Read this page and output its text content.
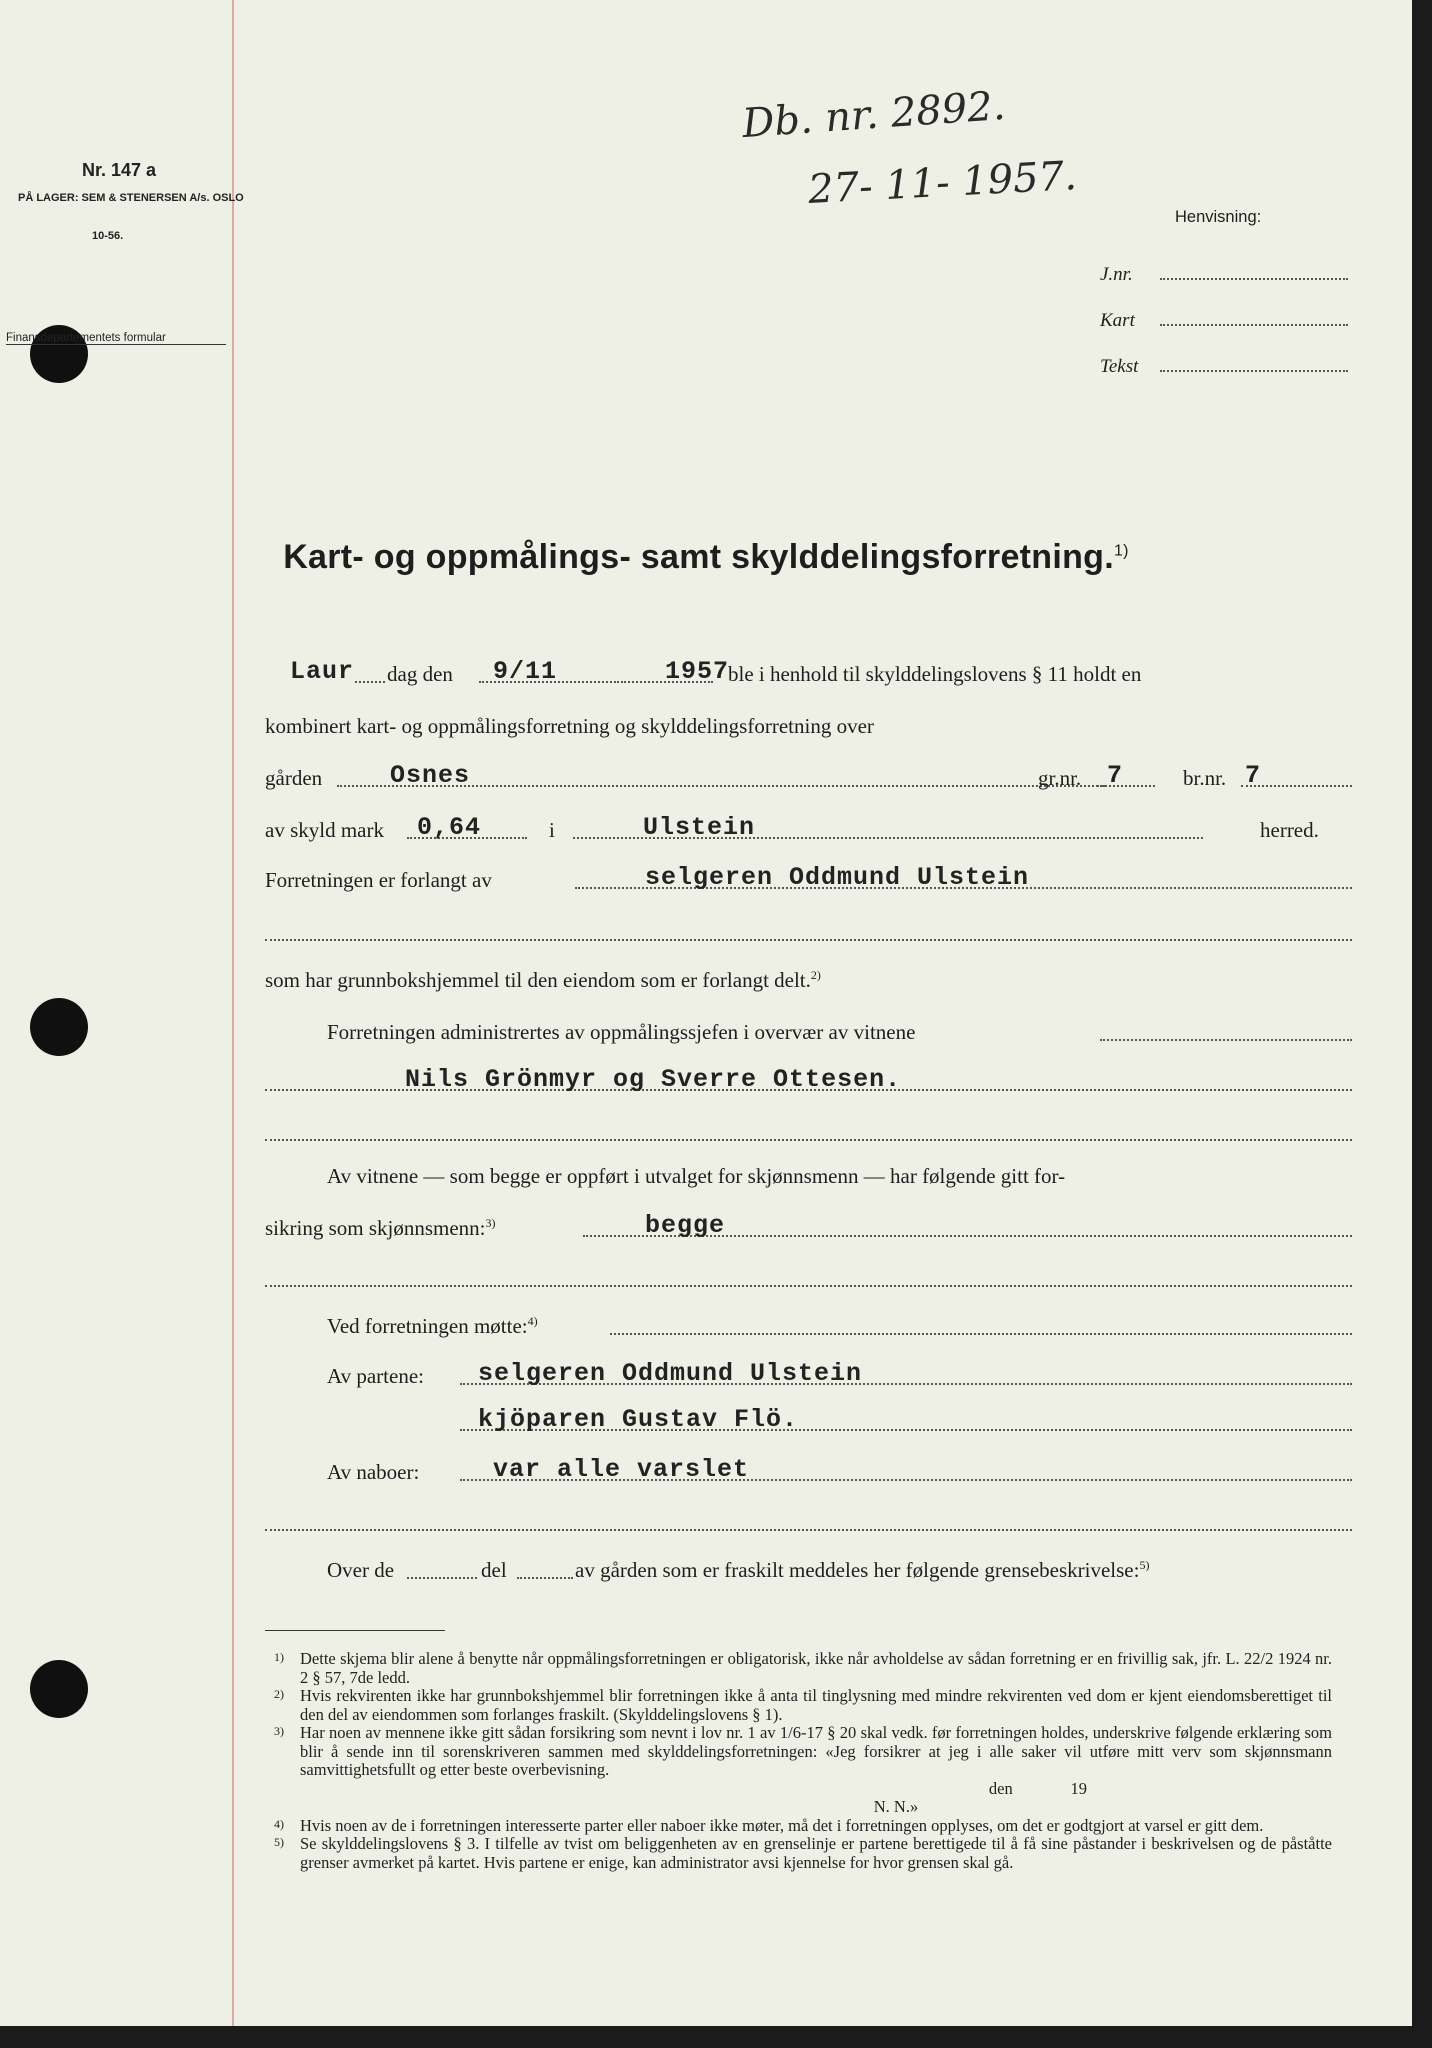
Nr. 147 a
PÅ LAGER: SEM & STENERSEN A/s. OSLO
10-56.
Finansdepartementets formular
Db. nr. 2892.
27- 11- 1957.
Henvisning:
J.nr.
Kart
Tekst
Kart- og oppmålings- samt skylddelingsforretning.$^{1)}$
Laur dag den 9/11	1957
ble i henhold til skylddelingslovens § 11 holdt en
kombinert kart- og oppmålingsforretning og skylddelingsforretning over
gården	Osnes	gr.nr. 7	br.nr. 7
av skyld mark 0,64	i	Ulstein	herred.
Forretningen er forlangt av	selgeren Oddmund Ulstein
som har grunnbokshjemmel til den eiendom som er forlangt delt.$^{2)}$
Forretningen administrertes av oppmålingssjefen i overvær av vitnene
Nils Grönmyr og Sverre Ottesen.
Av vitnene — som begge er oppført i utvalget for skjønnsmenn — har følgende gitt for-
sikring som skjønnsmenn:$^{3)}$	begge
Ved forretningen møtte:$^{4)}$
Av partene: selgeren Oddmund Ulstein
kjöparen Gustav Flö.
Av naboer:	var alle varslet
Over de	del	av gården som er fraskilt meddeles her følgende grensebeskrivelse:$^{5)}$
1) Dette skjema blir alene å benytte når oppmålingsforretningen er obligatorisk, ikke når avholdelse av sådan forretning er en frivillig sak, jfr. L. 22/2 1924 nr. 2 § 57, 7de ledd.
2) Hvis rekvirenten ikke har grunnbokshjemmel blir forretningen ikke å anta til tinglysning med mindre rekvirenten ved dom er kjent eiendomsberettiget til den del av eiendommen som forlanges fraskilt. (Skylddelingslovens § 1).
3) Har noen av mennene ikke gitt sådan forsikring som nevnt i lov nr. 1 av 1/6-17 § 20 skal vedk. før forretningen holdes, underskrive følgende erklæring som blir å sende inn til sorenskriveren sammen med skylddelingsforretningen: «Jeg forsikrer at jeg i alle saker vil utføre mitt verv som skjønnsmann samvittighetsfullt og etter beste overbevisning.
den	19
N. N.»
4) Hvis noen av de i forretningen interesserte parter eller naboer ikke møter, må det i forretningen opplyses, om det er godtgjort at varsel er gitt dem.
5) Se skylddelingslovens § 3. I tilfelle av tvist om beliggenheten av en grenselinje er partene berettigede til å få sine påstander i beskrivelsen og de påståtte grenser avmerket på kartet. Hvis partene er enige, kan administrator avsi kjennelse for hvor grensen skal gå.
